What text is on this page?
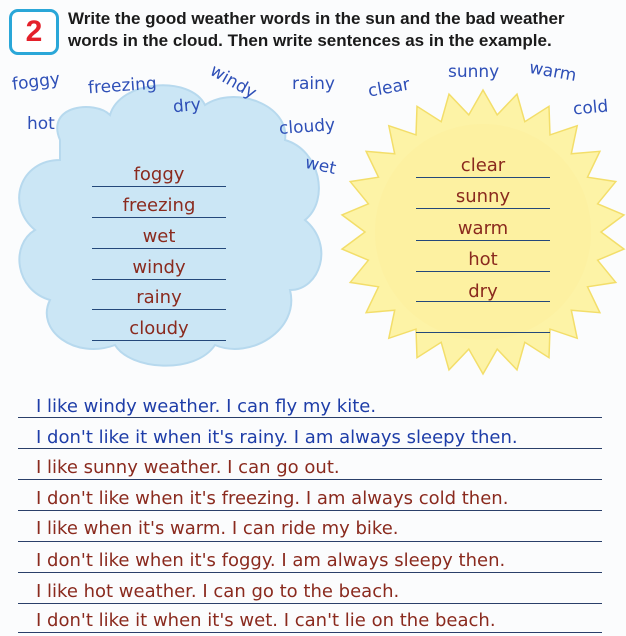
2	Write the good weather words in the sun and the bad weather words in the cloud. Then write sentences as in the example.
foggy freezing	windy
dry
rainy clear
sunny warm
hot	cloudy
cold
wet
foggy
freezing
wet
windy
rainy
cloudy
clear
sunny
warm
hot
dry
I like windy weather. I can fly my kite.
I don't like it when it's rainy. I am always sleepy then.
I like sunny weather. I can go out.
I don't like when it's freezing. I am always cold then.
I like when it's warm. I can ride my bike.
I don't like when it's foggy. I am always sleepy then.
I like hot weather. I can go to the beach.
I don't like it when it's wet. I can't lie on the beach.
